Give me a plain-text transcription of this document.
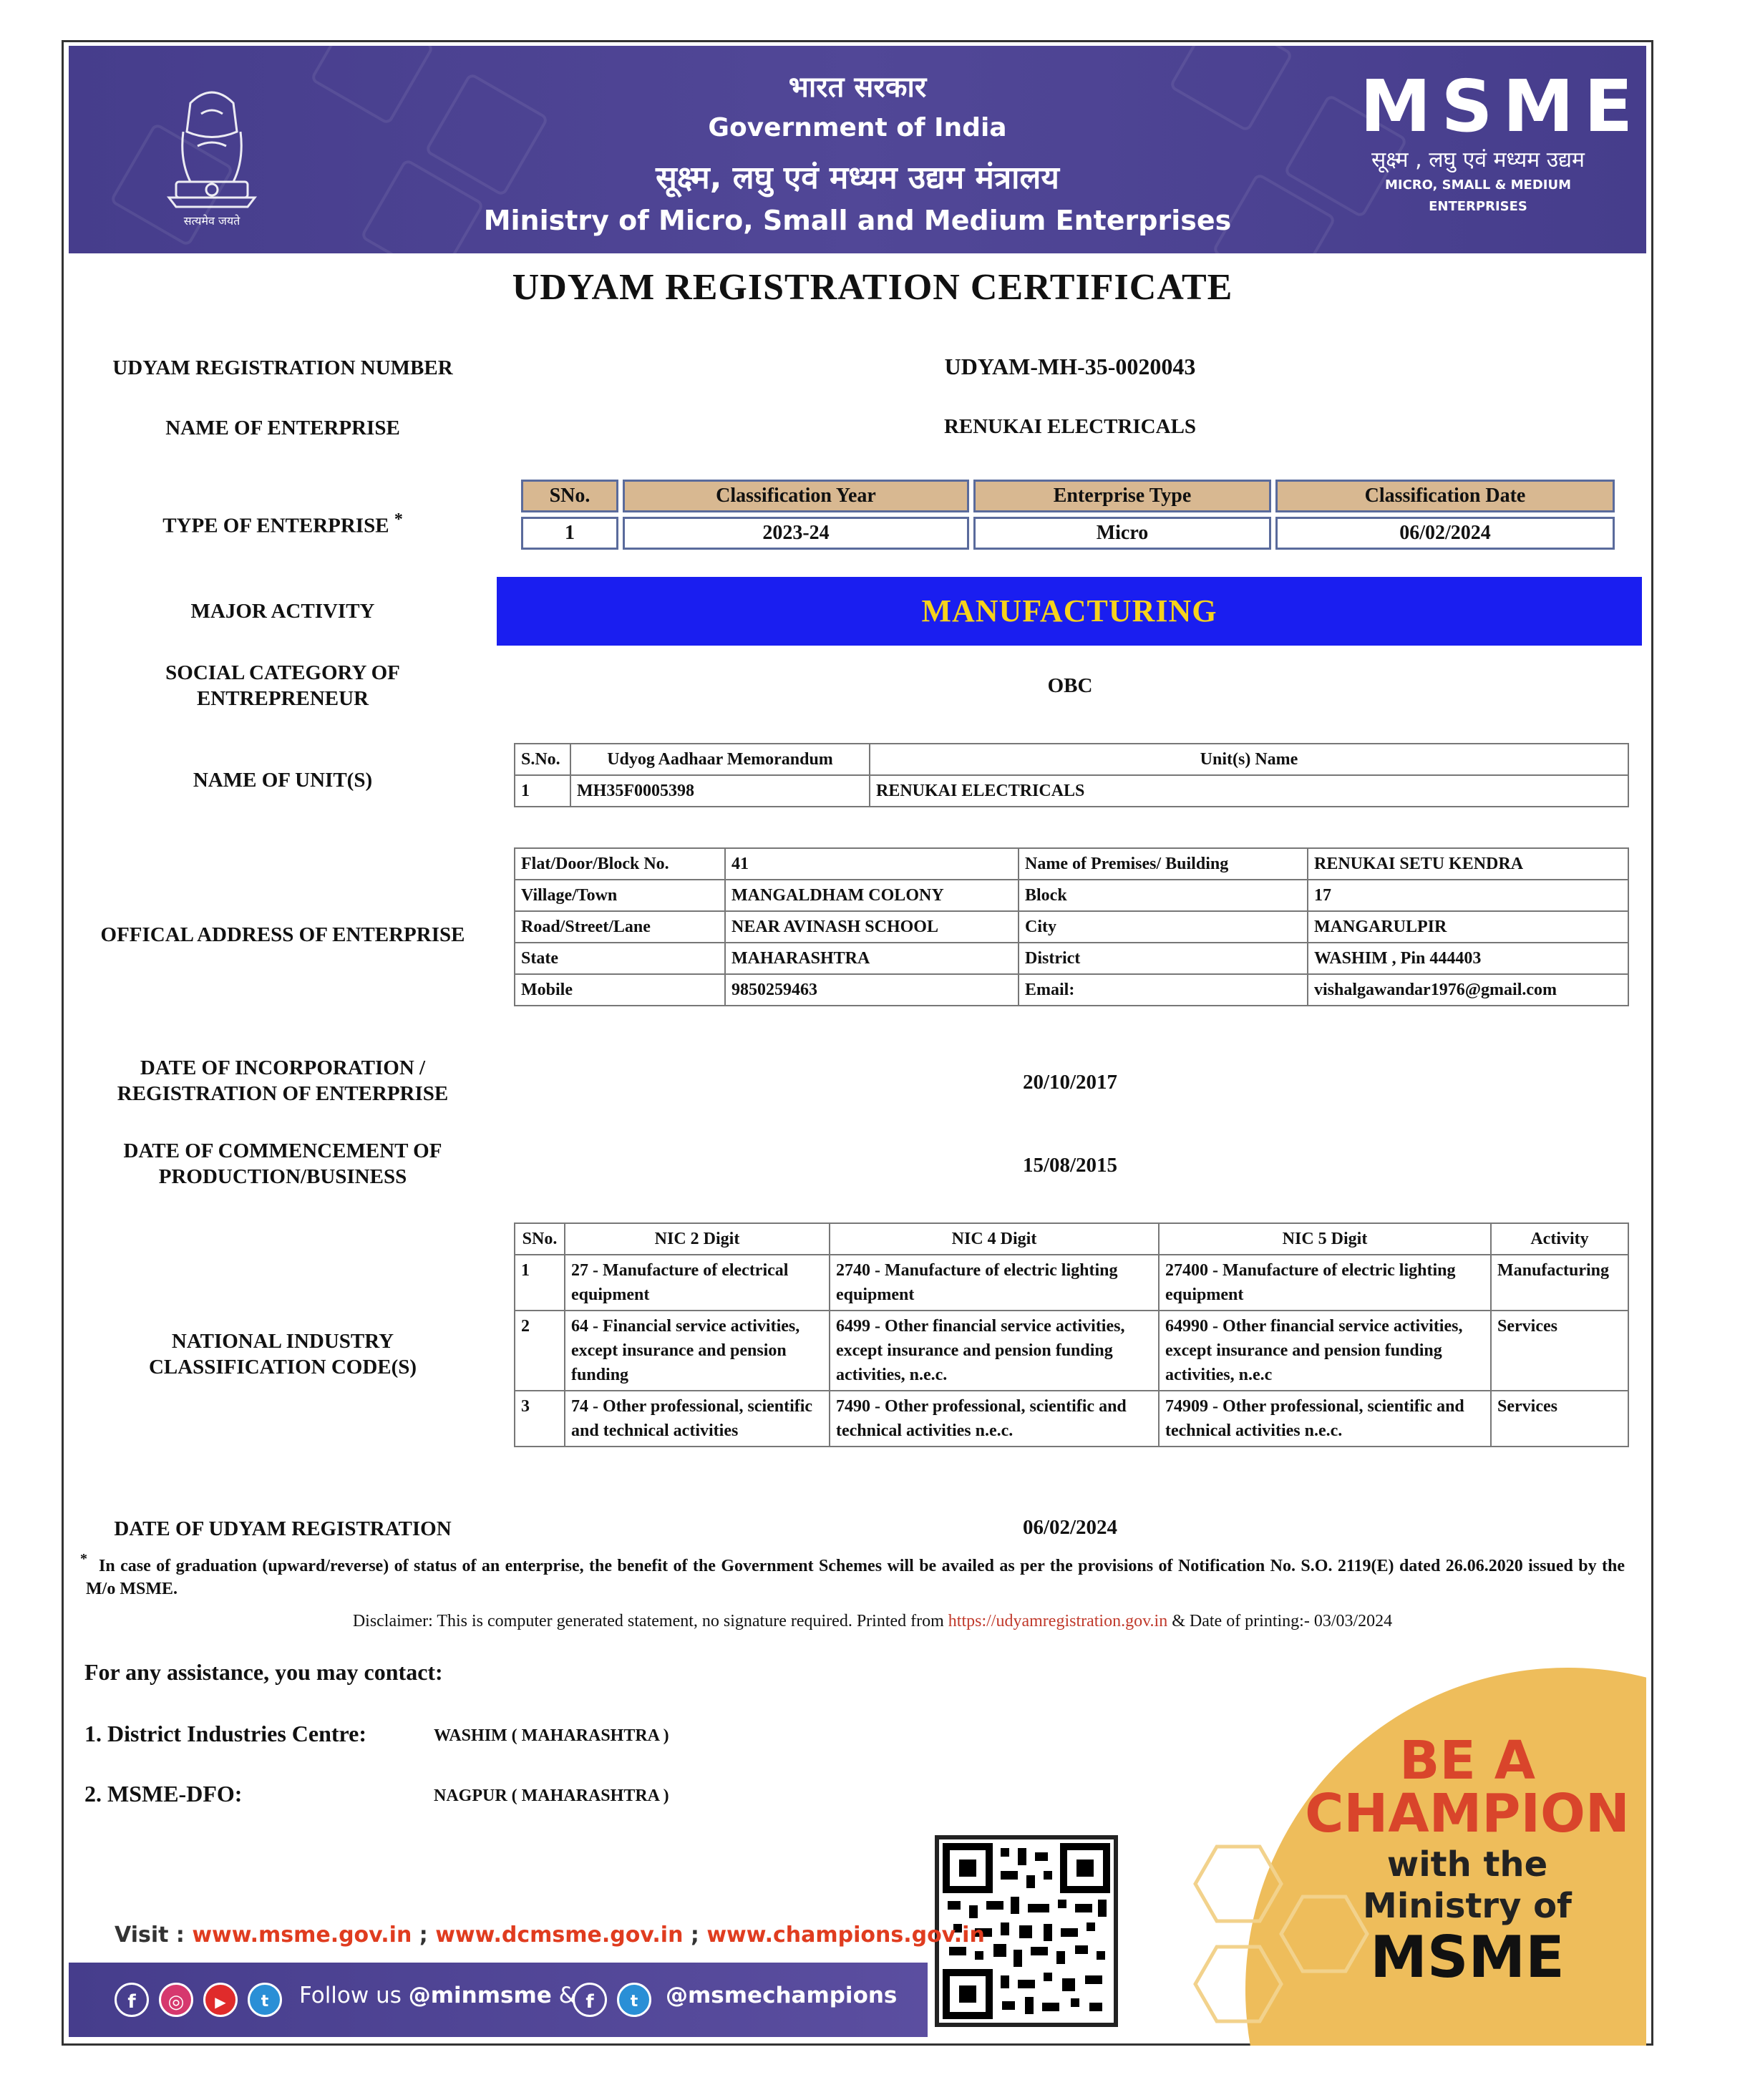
सत्यमेव जयते
भारत सरकार
Government of India
सूक्ष्म, लघु एवं मध्यम उद्यम मंत्रालय
Ministry of Micro, Small and Medium Enterprises
MSME
सूक्ष्म , लघु एवं मध्यम उद्यम
MICRO, SMALL & MEDIUM ENTERPRISES
UDYAM REGISTRATION CERTIFICATE
UDYAM REGISTRATION NUMBER	UDYAM-MH-35-0020043
NAME OF ENTERPRISE	RENUKAI ELECTRICALS
TYPE OF ENTERPRISE *
SNo.	Classification Year	Enterprise Type	Classification Date
1	2023-24	Micro	06/02/2024
MAJOR ACTIVITY	MANUFACTURING
SOCIAL CATEGORY OF
ENTREPRENEUR
OBC
NAME OF UNIT(S)
S.No.	Udyog Aadhaar Memorandum	Unit(s) Name
1	MH35F0005398	RENUKAI ELECTRICALS
OFFICAL ADDRESS OF ENTERPRISE
Flat/Door/Block No.	41	Name of Premises/ Building	RENUKAI SETU KENDRA
Village/Town	MANGALDHAM COLONY	Block	17
Road/Street/Lane	NEAR AVINASH SCHOOL	City	MANGARULPIR
State	MAHARASHTRA	District	WASHIM , Pin 444403
Mobile	9850259463	Email:	vishalgawandar1976@gmail.com
DATE OF INCORPORATION /
REGISTRATION OF ENTERPRISE	20/10/2017
DATE OF COMMENCEMENT OF
PRODUCTION/BUSINESS	15/08/2015
NATIONAL INDUSTRY
CLASSIFICATION CODE(S)
SNo.	NIC 2 Digit	NIC 4 Digit	NIC 5 Digit	Activity
1	27 - Manufacture of electrical equipment	2740 - Manufacture of electric lighting equipment	27400 - Manufacture of electric lighting equipment	Manufacturing
2	64 - Financial service activities, except insurance and pension funding	6499 - Other financial service activities, except insurance and pension funding activities, n.e.c.	64990 - Other financial service activities, except insurance and pension funding activities, n.e.c	Services
3	74 - Other professional, scientific and technical activities	7490 - Other professional, scientific and technical activities n.e.c.	74909 - Other professional, scientific and technical activities n.e.c.	Services
DATE OF UDYAM REGISTRATION	06/02/2024
* In case of graduation (upward/reverse) of status of an enterprise, the benefit of the Government Schemes will be availed as per the provisions of Notification No. S.O. 2119(E) dated 26.06.2020 issued by the M/o MSME.
Disclaimer: This is computer generated statement, no signature required. Printed from https://udyamregistration.gov.in & Date of printing:- 03/03/2024
For any assistance, you may contact:
1. District Industries Centre:	WASHIM ( MAHARASHTRA )
2. MSME-DFO:	NAGPUR ( MAHARASHTRA )
BE A
CHAMPION
with the
Ministry of
MSME
Visit : www.msme.gov.in ; www.dcmsme.gov.in ; www.champions.gov.in
f	◎	▶	t	Follow us @minmsme & f	t	@msmechampions
